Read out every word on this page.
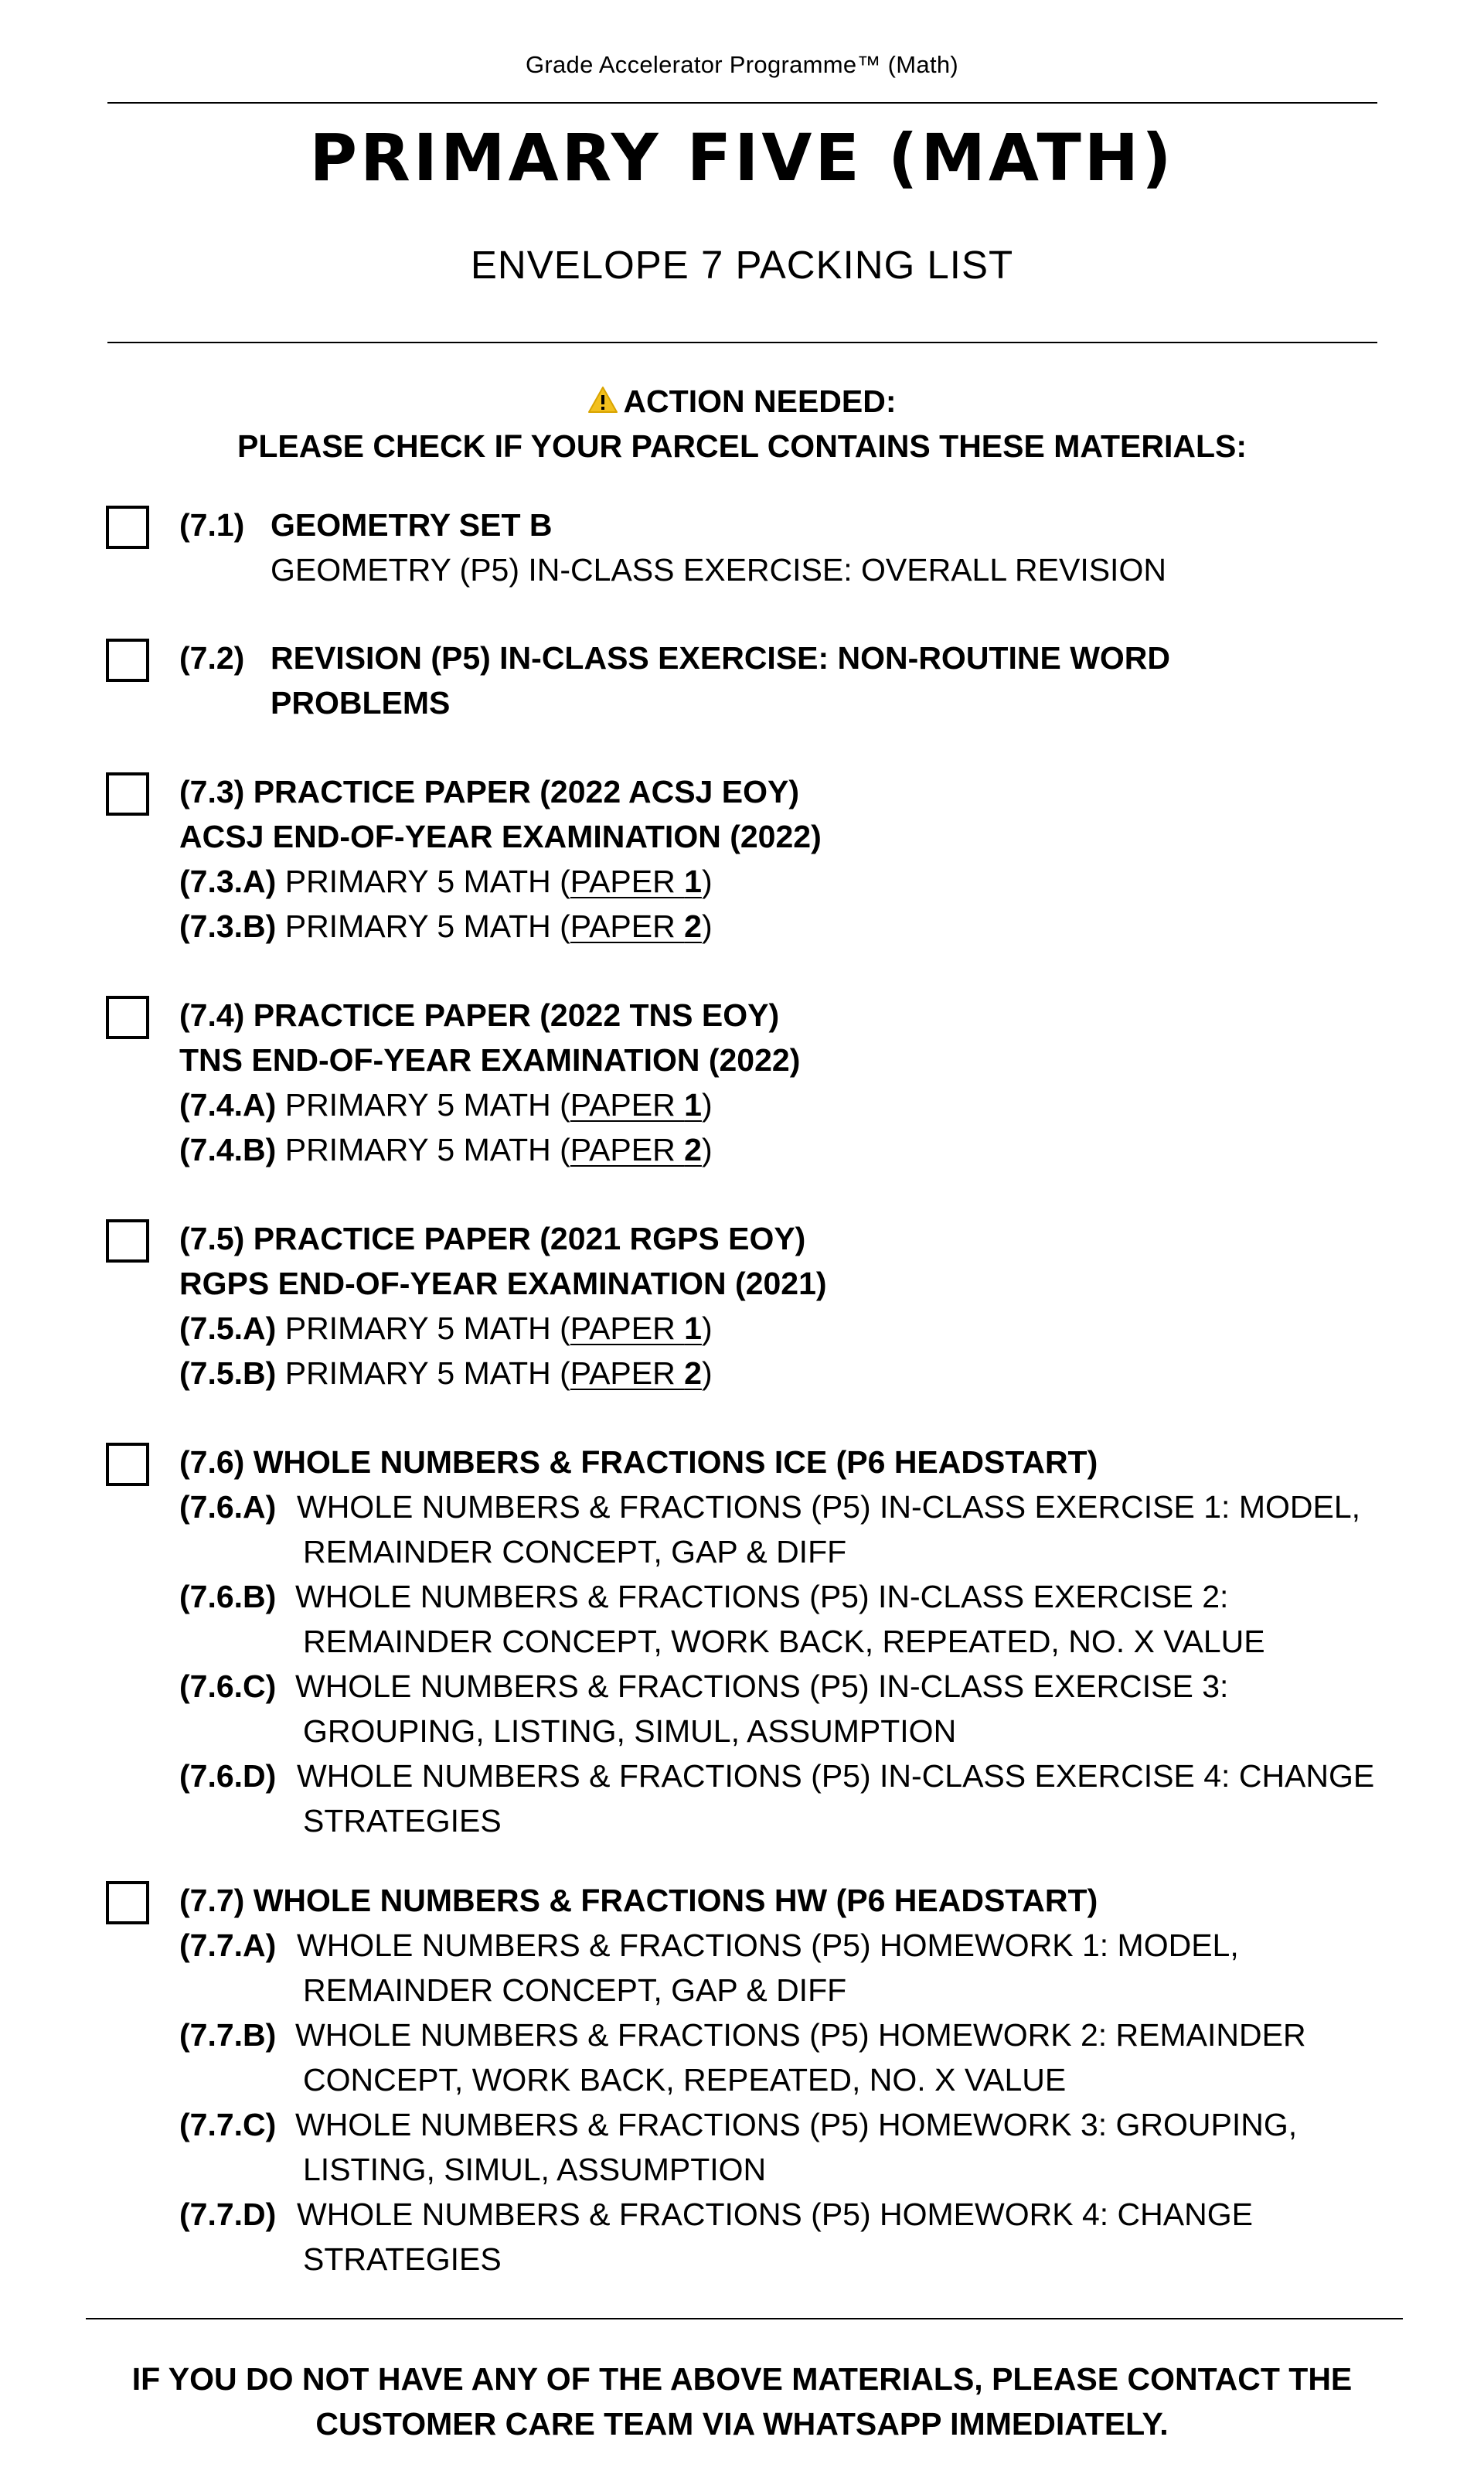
Grade Accelerator Programme™ (Math)
PRIMARY FIVE (MATH)
ENVELOPE 7 PACKING LIST
ACTION NEEDED:
PLEASE CHECK IF YOUR PARCEL CONTAINS THESE MATERIALS:
(7.1) GEOMETRY SET B
GEOMETRY (P5) IN-CLASS EXERCISE: OVERALL REVISION
(7.2) REVISION (P5) IN-CLASS EXERCISE: NON-ROUTINE WORD
PROBLEMS
(7.3) PRACTICE PAPER (2022 ACSJ EOY)
ACSJ END-OF-YEAR EXAMINATION (2022)
(7.3.A) PRIMARY 5 MATH (PAPER 1)
(7.3.B) PRIMARY 5 MATH (PAPER 2)
(7.4) PRACTICE PAPER (2022 TNS EOY)
TNS END-OF-YEAR EXAMINATION (2022)
(7.4.A) PRIMARY 5 MATH (PAPER 1)
(7.4.B) PRIMARY 5 MATH (PAPER 2)
(7.5) PRACTICE PAPER (2021 RGPS EOY)
RGPS END-OF-YEAR EXAMINATION (2021)
(7.5.A) PRIMARY 5 MATH (PAPER 1)
(7.5.B) PRIMARY 5 MATH (PAPER 2)
(7.6) WHOLE NUMBERS & FRACTIONS ICE (P6 HEADSTART)
(7.6.A) WHOLE NUMBERS & FRACTIONS (P5) IN-CLASS EXERCISE 1: MODEL,
REMAINDER CONCEPT, GAP & DIFF
(7.6.B) WHOLE NUMBERS & FRACTIONS (P5) IN-CLASS EXERCISE 2:
REMAINDER CONCEPT, WORK BACK, REPEATED, NO. X VALUE
(7.6.C) WHOLE NUMBERS & FRACTIONS (P5) IN-CLASS EXERCISE 3:
GROUPING, LISTING, SIMUL, ASSUMPTION
(7.6.D) WHOLE NUMBERS & FRACTIONS (P5) IN-CLASS EXERCISE 4: CHANGE
STRATEGIES
(7.7) WHOLE NUMBERS & FRACTIONS HW (P6 HEADSTART)
(7.7.A) WHOLE NUMBERS & FRACTIONS (P5) HOMEWORK 1: MODEL,
REMAINDER CONCEPT, GAP & DIFF
(7.7.B) WHOLE NUMBERS & FRACTIONS (P5) HOMEWORK 2: REMAINDER
CONCEPT, WORK BACK, REPEATED, NO. X VALUE
(7.7.C) WHOLE NUMBERS & FRACTIONS (P5) HOMEWORK 3: GROUPING,
LISTING, SIMUL, ASSUMPTION
(7.7.D) WHOLE NUMBERS & FRACTIONS (P5) HOMEWORK 4: CHANGE
STRATEGIES
IF YOU DO NOT HAVE ANY OF THE ABOVE MATERIALS, PLEASE CONTACT THE
CUSTOMER CARE TEAM VIA WHATSAPP IMMEDIATELY.
